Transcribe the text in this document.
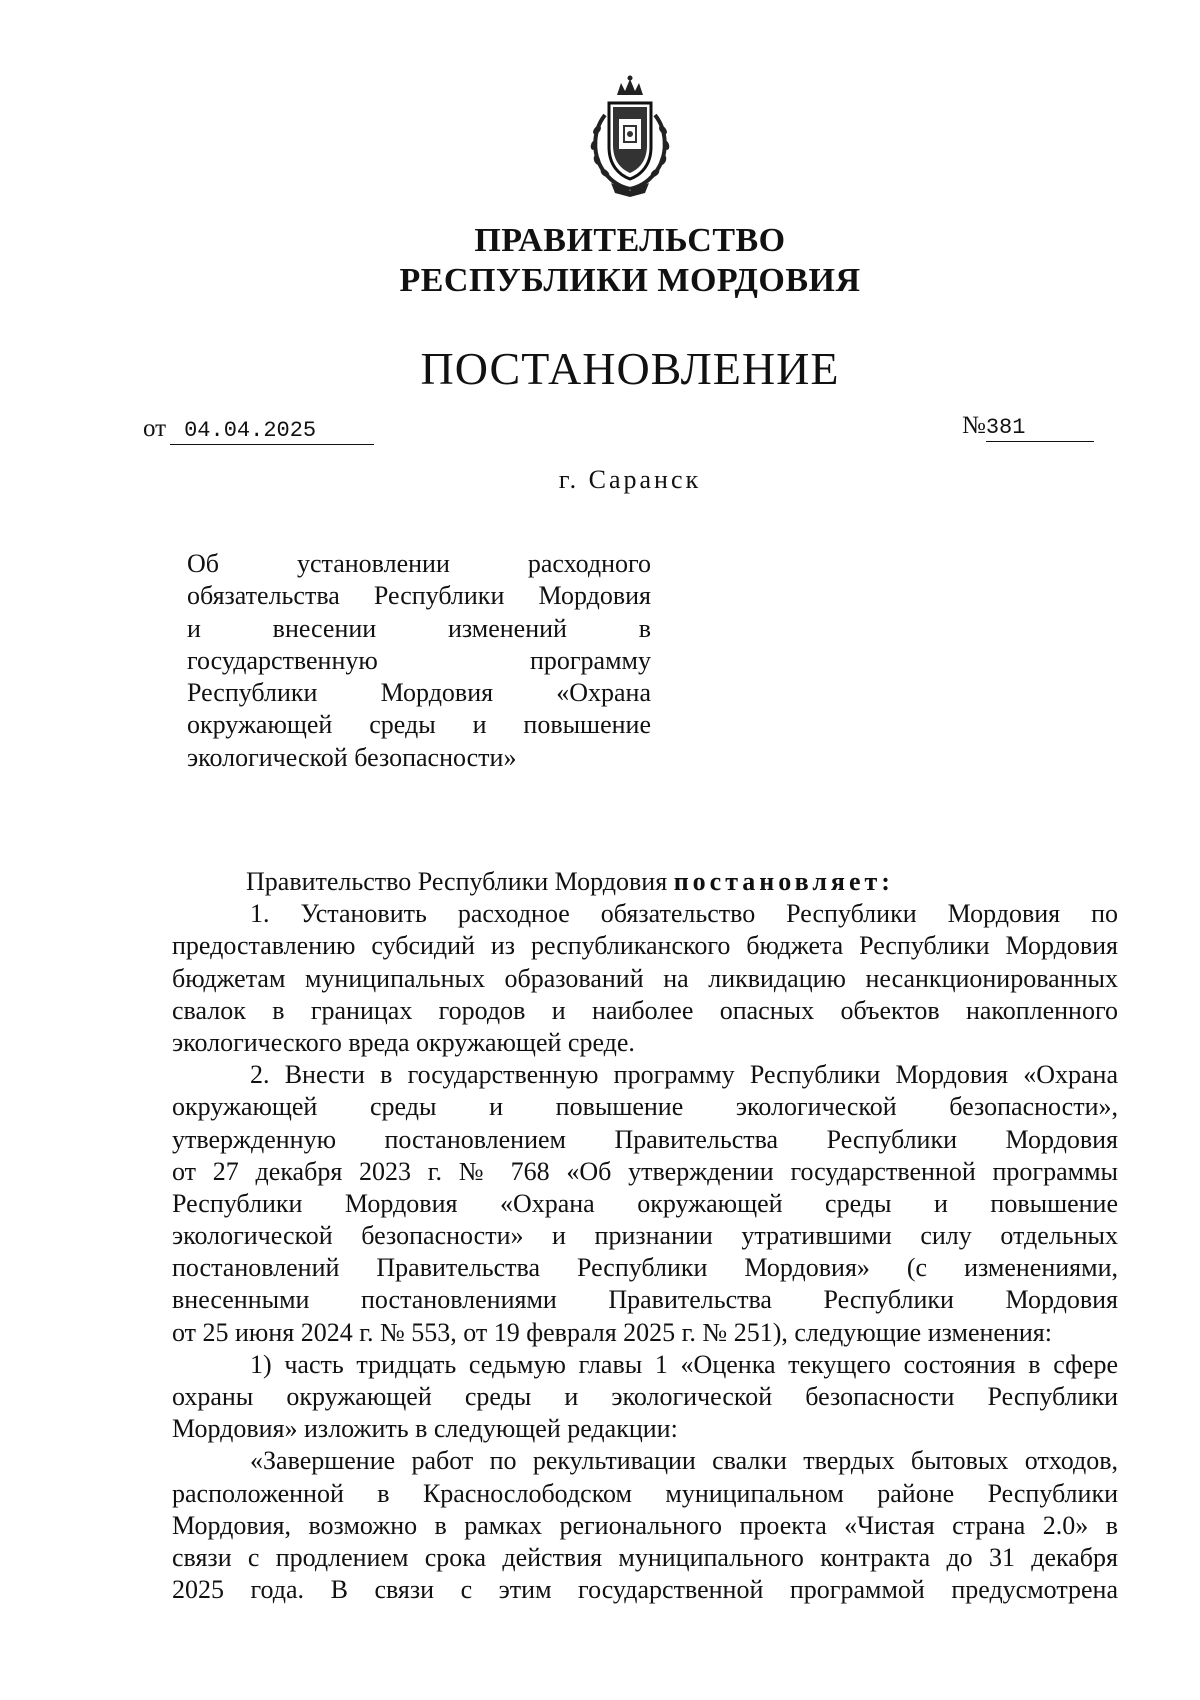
ПРАВИТЕЛЬСТВО
РЕСПУБЛИКИ МОРДОВИЯ
ПОСТАНОВЛЕНИЕ
от 04.04.2025	№381
г. Саранск
Об установлении расходного
обязательства Республики Мордовия
и внесении изменений в
государственную программу
Республики Мордовия «Охрана
окружающей среды и повышение
экологической безопасности»
Правительство Республики Мордовия постановляет:
1. Установить расходное обязательство Республики Мордовия по
предоставлению субсидий из республиканского бюджета Республики Мордовия
бюджетам муниципальных образований на ликвидацию несанкционированных
свалок в границах городов и наиболее опасных объектов накопленного
экологического вреда окружающей среде.
2. Внести в государственную программу Республики Мордовия «Охрана
окружающей среды и повышение экологической безопасности»,
утвержденную постановлением Правительства Республики Мордовия
от 27 декабря 2023 г. № 768 «Об утверждении государственной программы
Республики Мордовия «Охрана окружающей среды и повышение
экологической безопасности» и признании утратившими силу отдельных
постановлений Правительства Республики Мордовия» (с изменениями,
внесенными постановлениями Правительства Республики Мордовия
от 25 июня 2024 г. № 553, от 19 февраля 2025 г. № 251), следующие изменения:
1) часть тридцать седьмую главы 1 «Оценка текущего состояния в сфере
охраны окружающей среды и экологической безопасности Республики
Мордовия» изложить в следующей редакции:
«Завершение работ по рекультивации свалки твердых бытовых отходов,
расположенной в Краснослободском муниципальном районе Республики
Мордовия, возможно в рамках регионального проекта «Чистая страна 2.0» в
связи с продлением срока действия муниципального контракта до 31 декабря
2025 года. В связи с этим государственной программой предусмотрена
